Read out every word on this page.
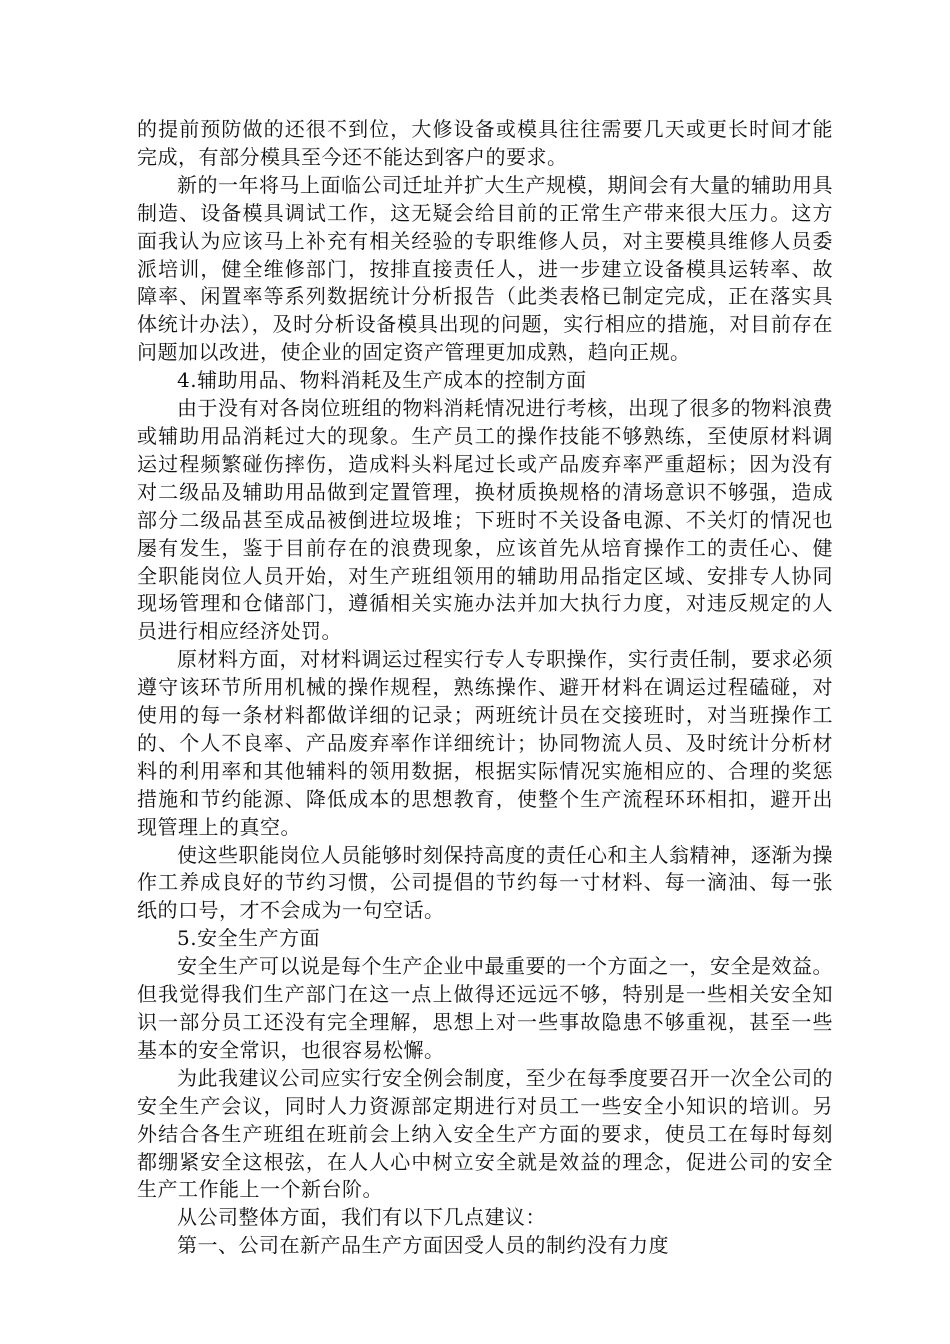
的提前预防做的还很不到位，大修设备或模具往往需要几天或更长时间才能完成，有部分模具至今还不能达到客户的要求。

新的一年将马上面临公司迁址并扩大生产规模，期间会有大量的辅助用具制造、设备模具调试工作，这无疑会给目前的正常生产带来很大压力。这方面我认为应该马上补充有相关经验的专职维修人员，对主要模具维修人员委派培训，健全维修部门，按排直接责任人，进一步建立设备模具运转率、故障率、闲置率等系列数据统计分析报告（此类表格已制定完成，正在落实具体统计办法），及时分析设备模具出现的问题，实行相应的措施，对目前存在问题加以改进，使企业的固定资产管理更加成熟，趋向正规。

4.辅助用品、物料消耗及生产成本的控制方面

由于没有对各岗位班组的物料消耗情况进行考核，出现了很多的物料浪费或辅助用品消耗过大的现象。生产员工的操作技能不够熟练，至使原材料调运过程频繁碰伤摔伤，造成料头料尾过长或产品废弃率严重超标；因为没有对二级品及辅助用品做到定置管理，换材质换规格的清场意识不够强，造成部分二级品甚至成品被倒进垃圾堆；下班时不关设备电源、不关灯的情况也屡有发生，鉴于目前存在的浪费现象，应该首先从培育操作工的责任心、健全职能岗位人员开始，对生产班组领用的辅助用品指定区域、安排专人协同现场管理和仓储部门，遵循相关实施办法并加大执行力度，对违反规定的人员进行相应经济处罚。

原材料方面，对材料调运过程实行专人专职操作，实行责任制，要求必须遵守该环节所用机械的操作规程，熟练操作、避开材料在调运过程磕碰，对使用的每一条材料都做详细的记录；两班统计员在交接班时，对当班操作工的、个人不良率、产品废弃率作详细统计；协同物流人员、及时统计分析材料的利用率和其他辅料的领用数据，根据实际情况实施相应的、合理的奖惩措施和节约能源、降低成本的思想教育，使整个生产流程环环相扣，避开出现管理上的真空。

使这些职能岗位人员能够时刻保持高度的责任心和主人翁精神，逐渐为操作工养成良好的节约习惯，公司提倡的节约每一寸材料、每一滴油、每一张纸的口号，才不会成为一句空话。

5.安全生产方面

安全生产可以说是每个生产企业中最重要的一个方面之一，安全是效益。但我觉得我们生产部门在这一点上做得还远远不够，特别是一些相关安全知识一部分员工还没有完全理解，思想上对一些事故隐患不够重视，甚至一些基本的安全常识，也很容易松懈。

为此我建议公司应实行安全例会制度，至少在每季度要召开一次全公司的安全生产会议，同时人力资源部定期进行对员工一些安全小知识的培训。另外结合各生产班组在班前会上纳入安全生产方面的要求，使员工在每时每刻都绷紧安全这根弦，在人人心中树立安全就是效益的理念，促进公司的安全生产工作能上一个新台阶。

从公司整体方面，我们有以下几点建议：

第一、公司在新产品生产方面因受人员的制约没有力度
